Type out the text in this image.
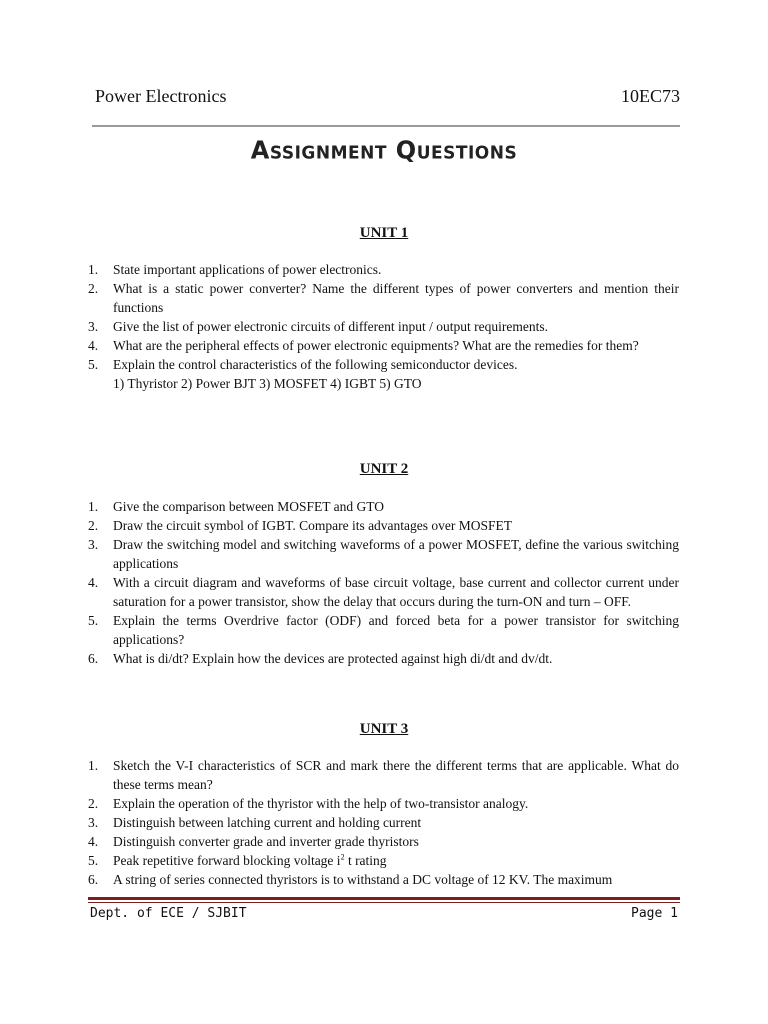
Power Electronics	10EC73
Assignment Questions
UNIT 1
1. State important applications of power electronics.
2. What is a static power converter? Name the different types of power converters and mention their functions
3. Give the list of power electronic circuits of different input / output requirements.
4. What are the peripheral effects of power electronic equipments? What are the remedies for them?
5. Explain the control characteristics of the following semiconductor devices.
1) Thyristor 2) Power BJT 3) MOSFET 4) IGBT 5) GTO
UNIT 2
1. Give the comparison between MOSFET and GTO
2. Draw the circuit symbol of IGBT. Compare its advantages over MOSFET
3. Draw the switching model and switching waveforms of a power MOSFET, define the various switching applications
4. With a circuit diagram and waveforms of base circuit voltage, base current and collector current under saturation for a power transistor, show the delay that occurs during the turn-ON and turn – OFF.
5. Explain the terms Overdrive factor (ODF) and forced beta for a power transistor for switching applications?
6. What is di/dt? Explain how the devices are protected against high di/dt and dv/dt.
UNIT 3
1. Sketch the V-I characteristics of SCR and mark there the different terms that are applicable. What do these terms mean?
2. Explain the operation of the thyristor with the help of two-transistor analogy.
3. Distinguish between latching current and holding current
4. Distinguish converter grade and inverter grade thyristors
5. Peak repetitive forward blocking voltage $i^2$ t rating
6. A string of series connected thyristors is to withstand a DC voltage of 12 KV. The maximum
Dept. of ECE / SJBIT	Page 1
